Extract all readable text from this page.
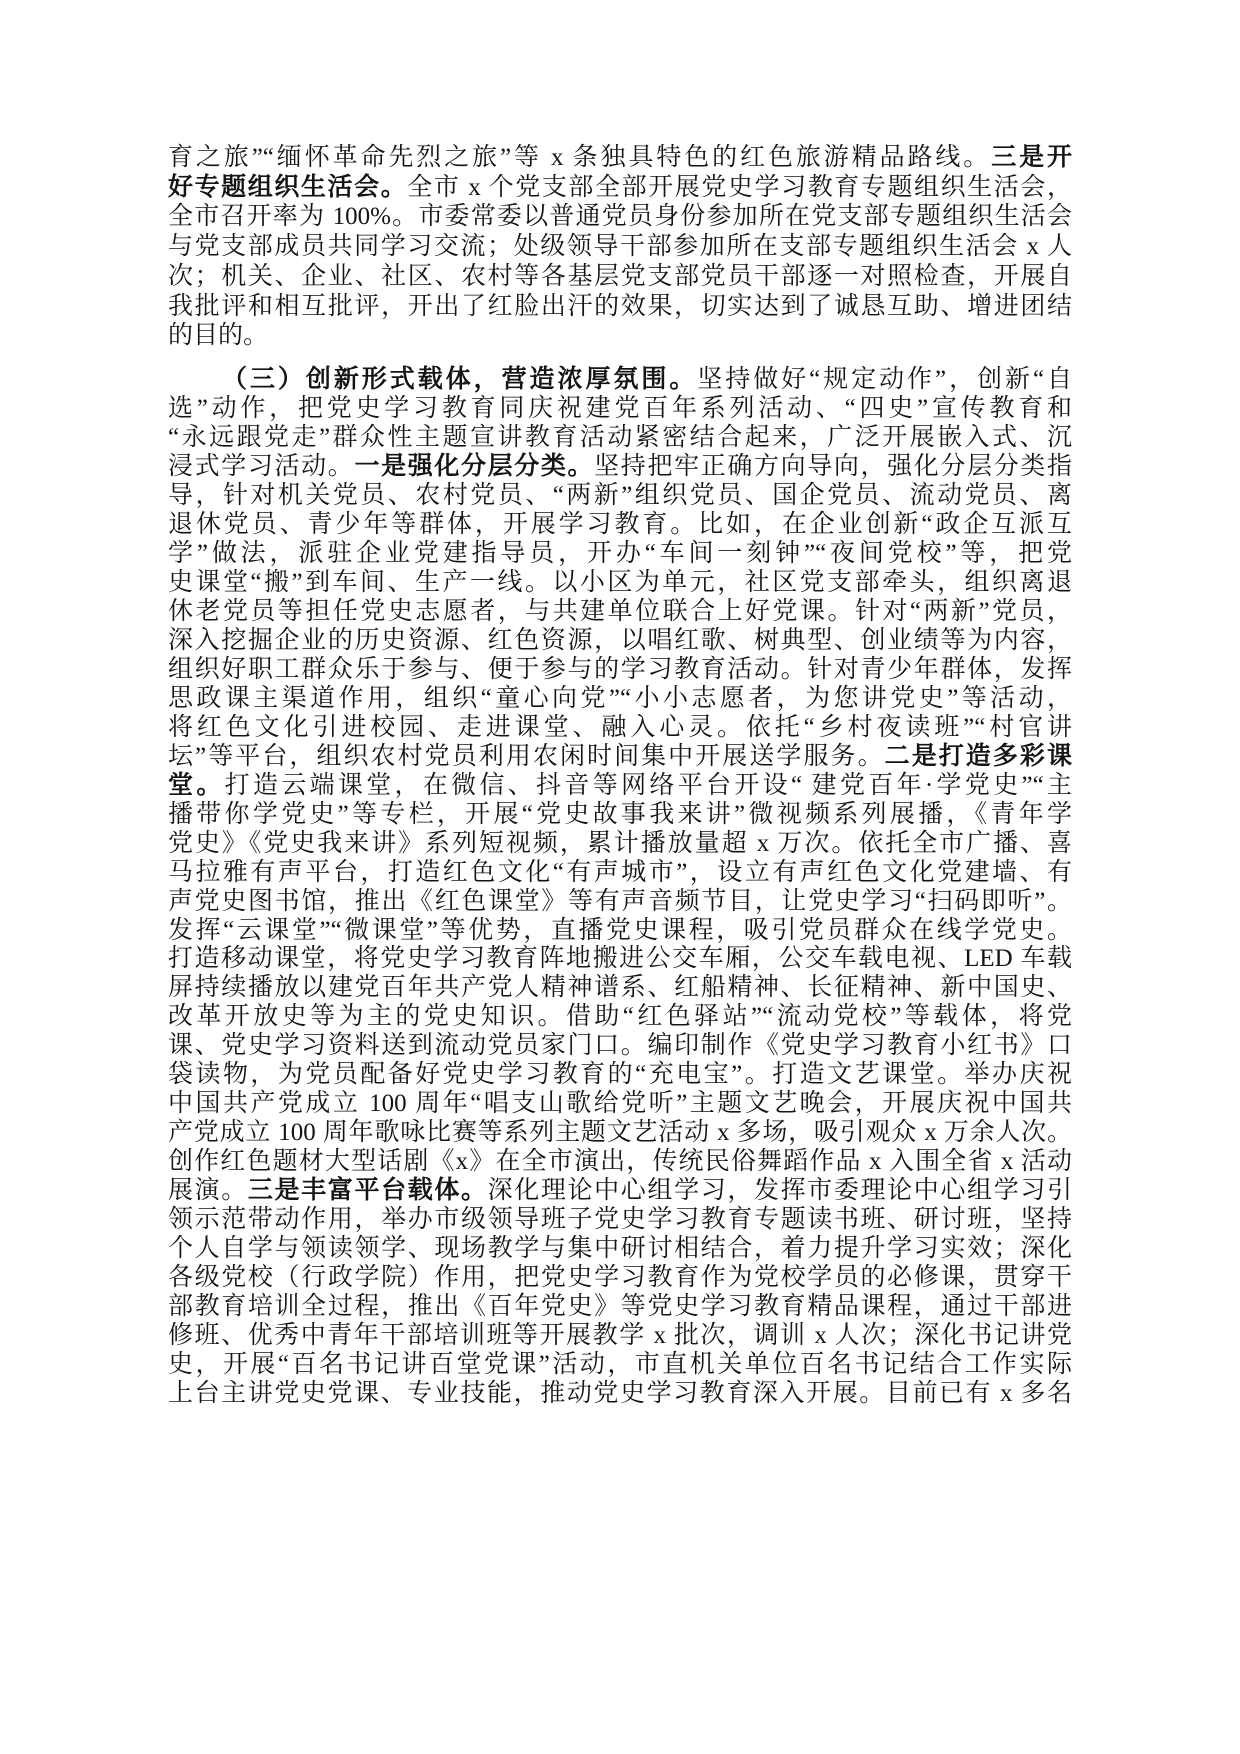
育之旅”“缅怀革命先烈之旅”等 x 条独具特色的红色旅游精品路线。三是开
好专题组织生活会。全市 x 个党支部全部开展党史学习教育专题组织生活会，
全市召开率为 100%。市委常委以普通党员身份参加所在党支部专题组织生活会
与党支部成员共同学习交流；处级领导干部参加所在支部专题组织生活会 x 人
次；机关、企业、社区、农村等各基层党支部党员干部逐一对照检查，开展自
我批评和相互批评，开出了红脸出汗的效果，切实达到了诚恳互助、增进团结
的目的。
（三）创新形式载体，营造浓厚氛围。坚持做好“规定动作”，创新“自
选”动作，把党史学习教育同庆祝建党百年系列活动、“四史”宣传教育和
“永远跟党走”群众性主题宣讲教育活动紧密结合起来，广泛开展嵌入式、沉
浸式学习活动。一是强化分层分类。坚持把牢正确方向导向，强化分层分类指
导，针对机关党员、农村党员、“两新”组织党员、国企党员、流动党员、离
退休党员、青少年等群体，开展学习教育。比如，在企业创新“政企互派互
学”做法，派驻企业党建指导员，开办“车间一刻钟”“夜间党校”等，把党
史课堂“搬”到车间、生产一线。以小区为单元，社区党支部牵头，组织离退
休老党员等担任党史志愿者，与共建单位联合上好党课。针对“两新”党员，
深入挖掘企业的历史资源、红色资源，以唱红歌、树典型、创业绩等为内容，
组织好职工群众乐于参与、便于参与的学习教育活动。针对青少年群体，发挥
思政课主渠道作用，组织“童心向党”“小小志愿者，为您讲党史”等活动，
将红色文化引进校园、走进课堂、融入心灵。依托“乡村夜读班”“村官讲
坛”等平台，组织农村党员利用农闲时间集中开展送学服务。二是打造多彩课
堂。打造云端课堂，在微信、抖音等网络平台开设“ 建党百年·学党史”“主
播带你学党史”等专栏，开展“党史故事我来讲”微视频系列展播，《青年学
党史》《党史我来讲》系列短视频，累计播放量超 x 万次。依托全市广播、喜
马拉雅有声平台，打造红色文化“有声城市”，设立有声红色文化党建墙、有
声党史图书馆，推出《红色课堂》等有声音频节目，让党史学习“扫码即听”。
发挥“云课堂”“微课堂”等优势，直播党史课程，吸引党员群众在线学党史。
打造移动课堂，将党史学习教育阵地搬进公交车厢，公交车载电视、LED 车载
屏持续播放以建党百年共产党人精神谱系、红船精神、长征精神、新中国史、
改革开放史等为主的党史知识。借助“红色驿站”“流动党校”等载体，将党
课、党史学习资料送到流动党员家门口。编印制作《党史学习教育小红书》口
袋读物，为党员配备好党史学习教育的“充电宝”。打造文艺课堂。举办庆祝
中国共产党成立 100 周年“唱支山歌给党听”主题文艺晚会，开展庆祝中国共
产党成立 100 周年歌咏比赛等系列主题文艺活动 x 多场，吸引观众 x 万余人次。
创作红色题材大型话剧《x》在全市演出，传统民俗舞蹈作品 x 入围全省 x 活动
展演。三是丰富平台载体。深化理论中心组学习，发挥市委理论中心组学习引
领示范带动作用，举办市级领导班子党史学习教育专题读书班、研讨班，坚持
个人自学与领读领学、现场教学与集中研讨相结合，着力提升学习实效；深化
各级党校（行政学院）作用，把党史学习教育作为党校学员的必修课，贯穿干
部教育培训全过程，推出《百年党史》等党史学习教育精品课程，通过干部进
修班、优秀中青年干部培训班等开展教学 x 批次，调训 x 人次；深化书记讲党
史，开展“百名书记讲百堂党课”活动，市直机关单位百名书记结合工作实际
上台主讲党史党课、专业技能，推动党史学习教育深入开展。目前已有 x 多名
